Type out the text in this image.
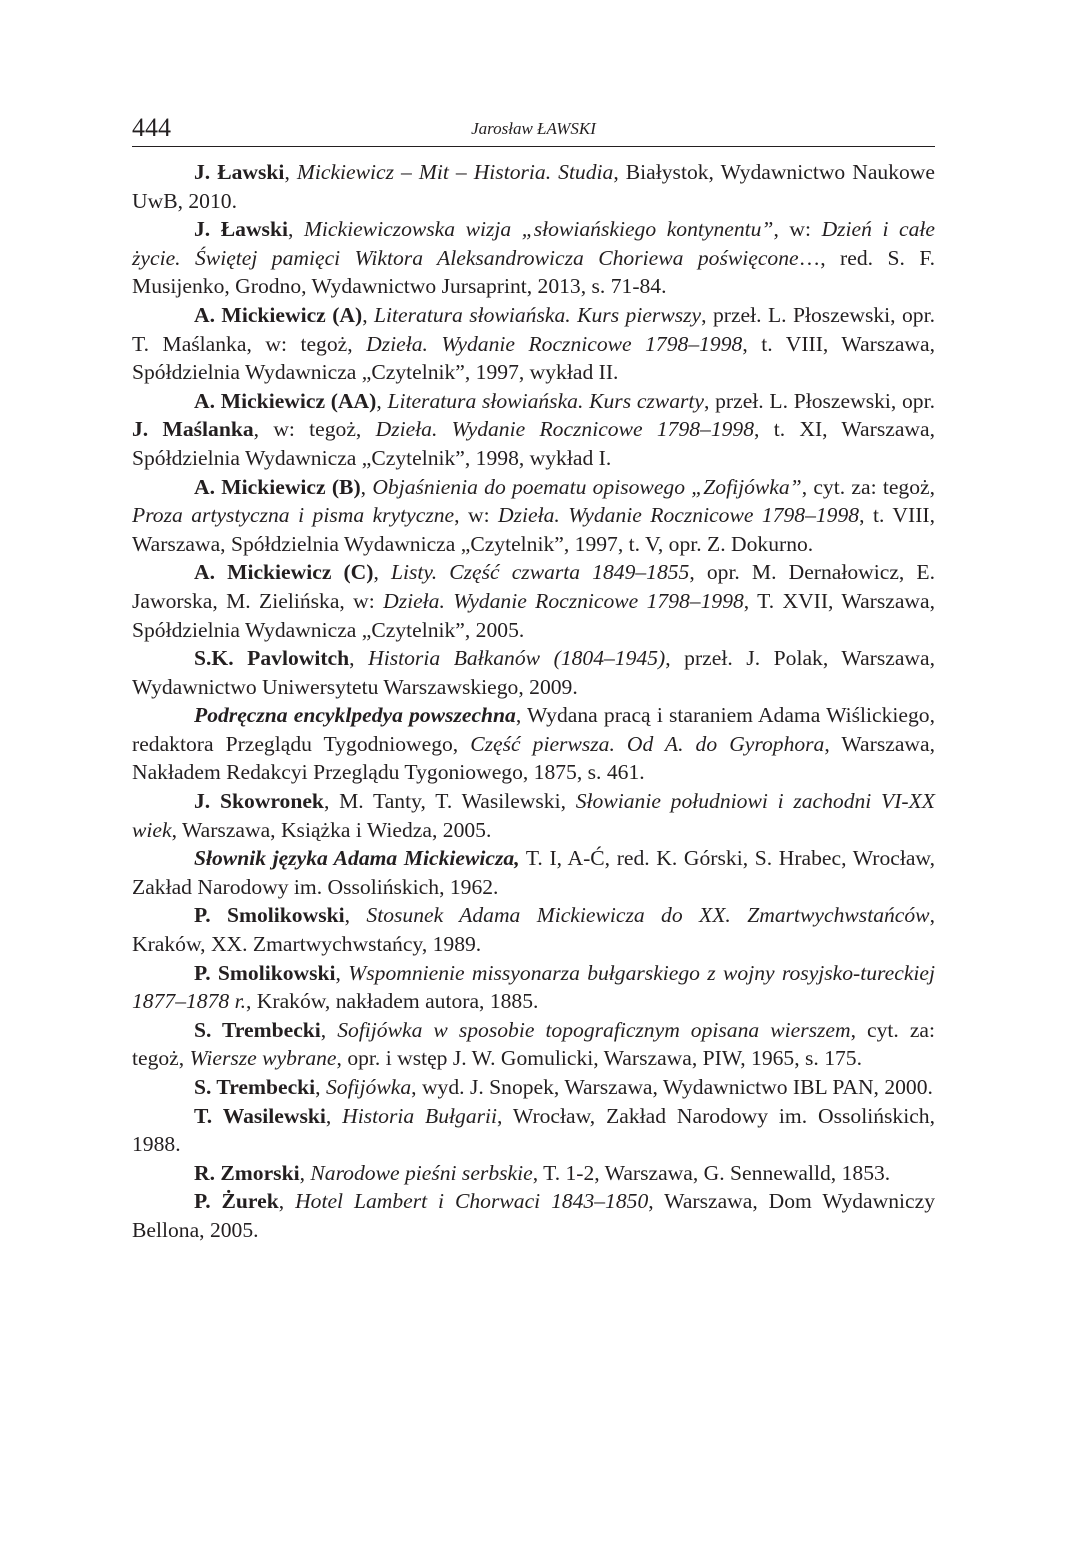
444	Jarosław ŁAWSKI

J. Ławski, Mickiewicz – Mit – Historia. Studia, Białystok, Wydawnictwo Naukowe UwB, 2010.

J. Ławski, Mickiewiczowska wizja „słowiańskiego kontynentu”, w: Dzień i całe życie. Świętej pamięci Wiktora Aleksandrowicza Choriewa poświęcone…, red. S. F. Musijenko, Grodno, Wydawnictwo Jursaprint, 2013, s. 71-84.

A. Mickiewicz (A), Literatura słowiańska. Kurs pierwszy, przeł. L. Płoszewski, opr. T. Maślanka, w: tegoż, Dzieła. Wydanie Rocznicowe 1798–1998, t. VIII, Warszawa, Spółdzielnia Wydawnicza „Czytelnik”, 1997, wykład II.

A. Mickiewicz (AA), Literatura słowiańska. Kurs czwarty, przeł. L. Płoszewski, opr. J. Maślanka, w: tegoż, Dzieła. Wydanie Rocznicowe 1798–1998, t. XI, Warszawa, Spółdzielnia Wydawnicza „Czytelnik”, 1998, wykład I.

A. Mickiewicz (B), Objaśnienia do poematu opisowego „Zofijówka”, cyt. za: tegoż, Proza artystyczna i pisma krytyczne, w: Dzieła. Wydanie Rocznicowe 1798–1998, t. VIII, Warszawa, Spółdzielnia Wydawnicza „Czytelnik”, 1997, t. V, opr. Z. Dokurno.

A. Mickiewicz (C), Listy. Część czwarta 1849–1855, opr. M. Dernałowicz, E. Jaworska, M. Zielińska, w: Dzieła. Wydanie Rocznicowe 1798–1998, T. XVII, Warszawa, Spółdzielnia Wydawnicza „Czytelnik”, 2005.

S.K. Pavlowitch, Historia Bałkanów (1804–1945), przeł. J. Polak, Warszawa, Wydawnictwo Uniwersytetu Warszawskiego, 2009.

Podręczna encyklpedya powszechna, Wydana pracą i staraniem Adama Wiślickiego, redaktora Przeglądu Tygodniowego, Część pierwsza. Od A. do Gyrophora, Warszawa, Nakładem Redakcyi Przeglądu Tygoniowego, 1875, s. 461.

J. Skowronek, M. Tanty, T. Wasilewski, Słowianie południowi i zachodni VI-XX wiek, Warszawa, Książka i Wiedza, 2005.

Słownik języka Adama Mickiewicza, T. I, A-Ć, red. K. Górski, S. Hrabec, Wrocław, Zakład Narodowy im. Ossolińskich, 1962.

P. Smolikowski, Stosunek Adama Mickiewicza do XX. Zmartwychwstańców, Kraków, XX. Zmartwychwstańcy, 1989.

P. Smolikowski, Wspomnienie missyonarza bułgarskiego z wojny rosyjsko-tureckiej 1877–1878 r., Kraków, nakładem autora, 1885.

S. Trembecki, Sofijówka w sposobie topograficznym opisana wierszem, cyt. za: tegoż, Wiersze wybrane, opr. i wstęp J. W. Gomulicki, Warszawa, PIW, 1965, s. 175.

S. Trembecki, Sofijówka, wyd. J. Snopek, Warszawa, Wydawnictwo IBL PAN, 2000.

T. Wasilewski, Historia Bułgarii, Wrocław, Zakład Narodowy im. Ossolińskich, 1988.

R. Zmorski, Narodowe pieśni serbskie, T. 1-2, Warszawa, G. Sennewalld, 1853.

P. Żurek, Hotel Lambert i Chorwaci 1843–1850, Warszawa, Dom Wydawniczy Bellona, 2005.
